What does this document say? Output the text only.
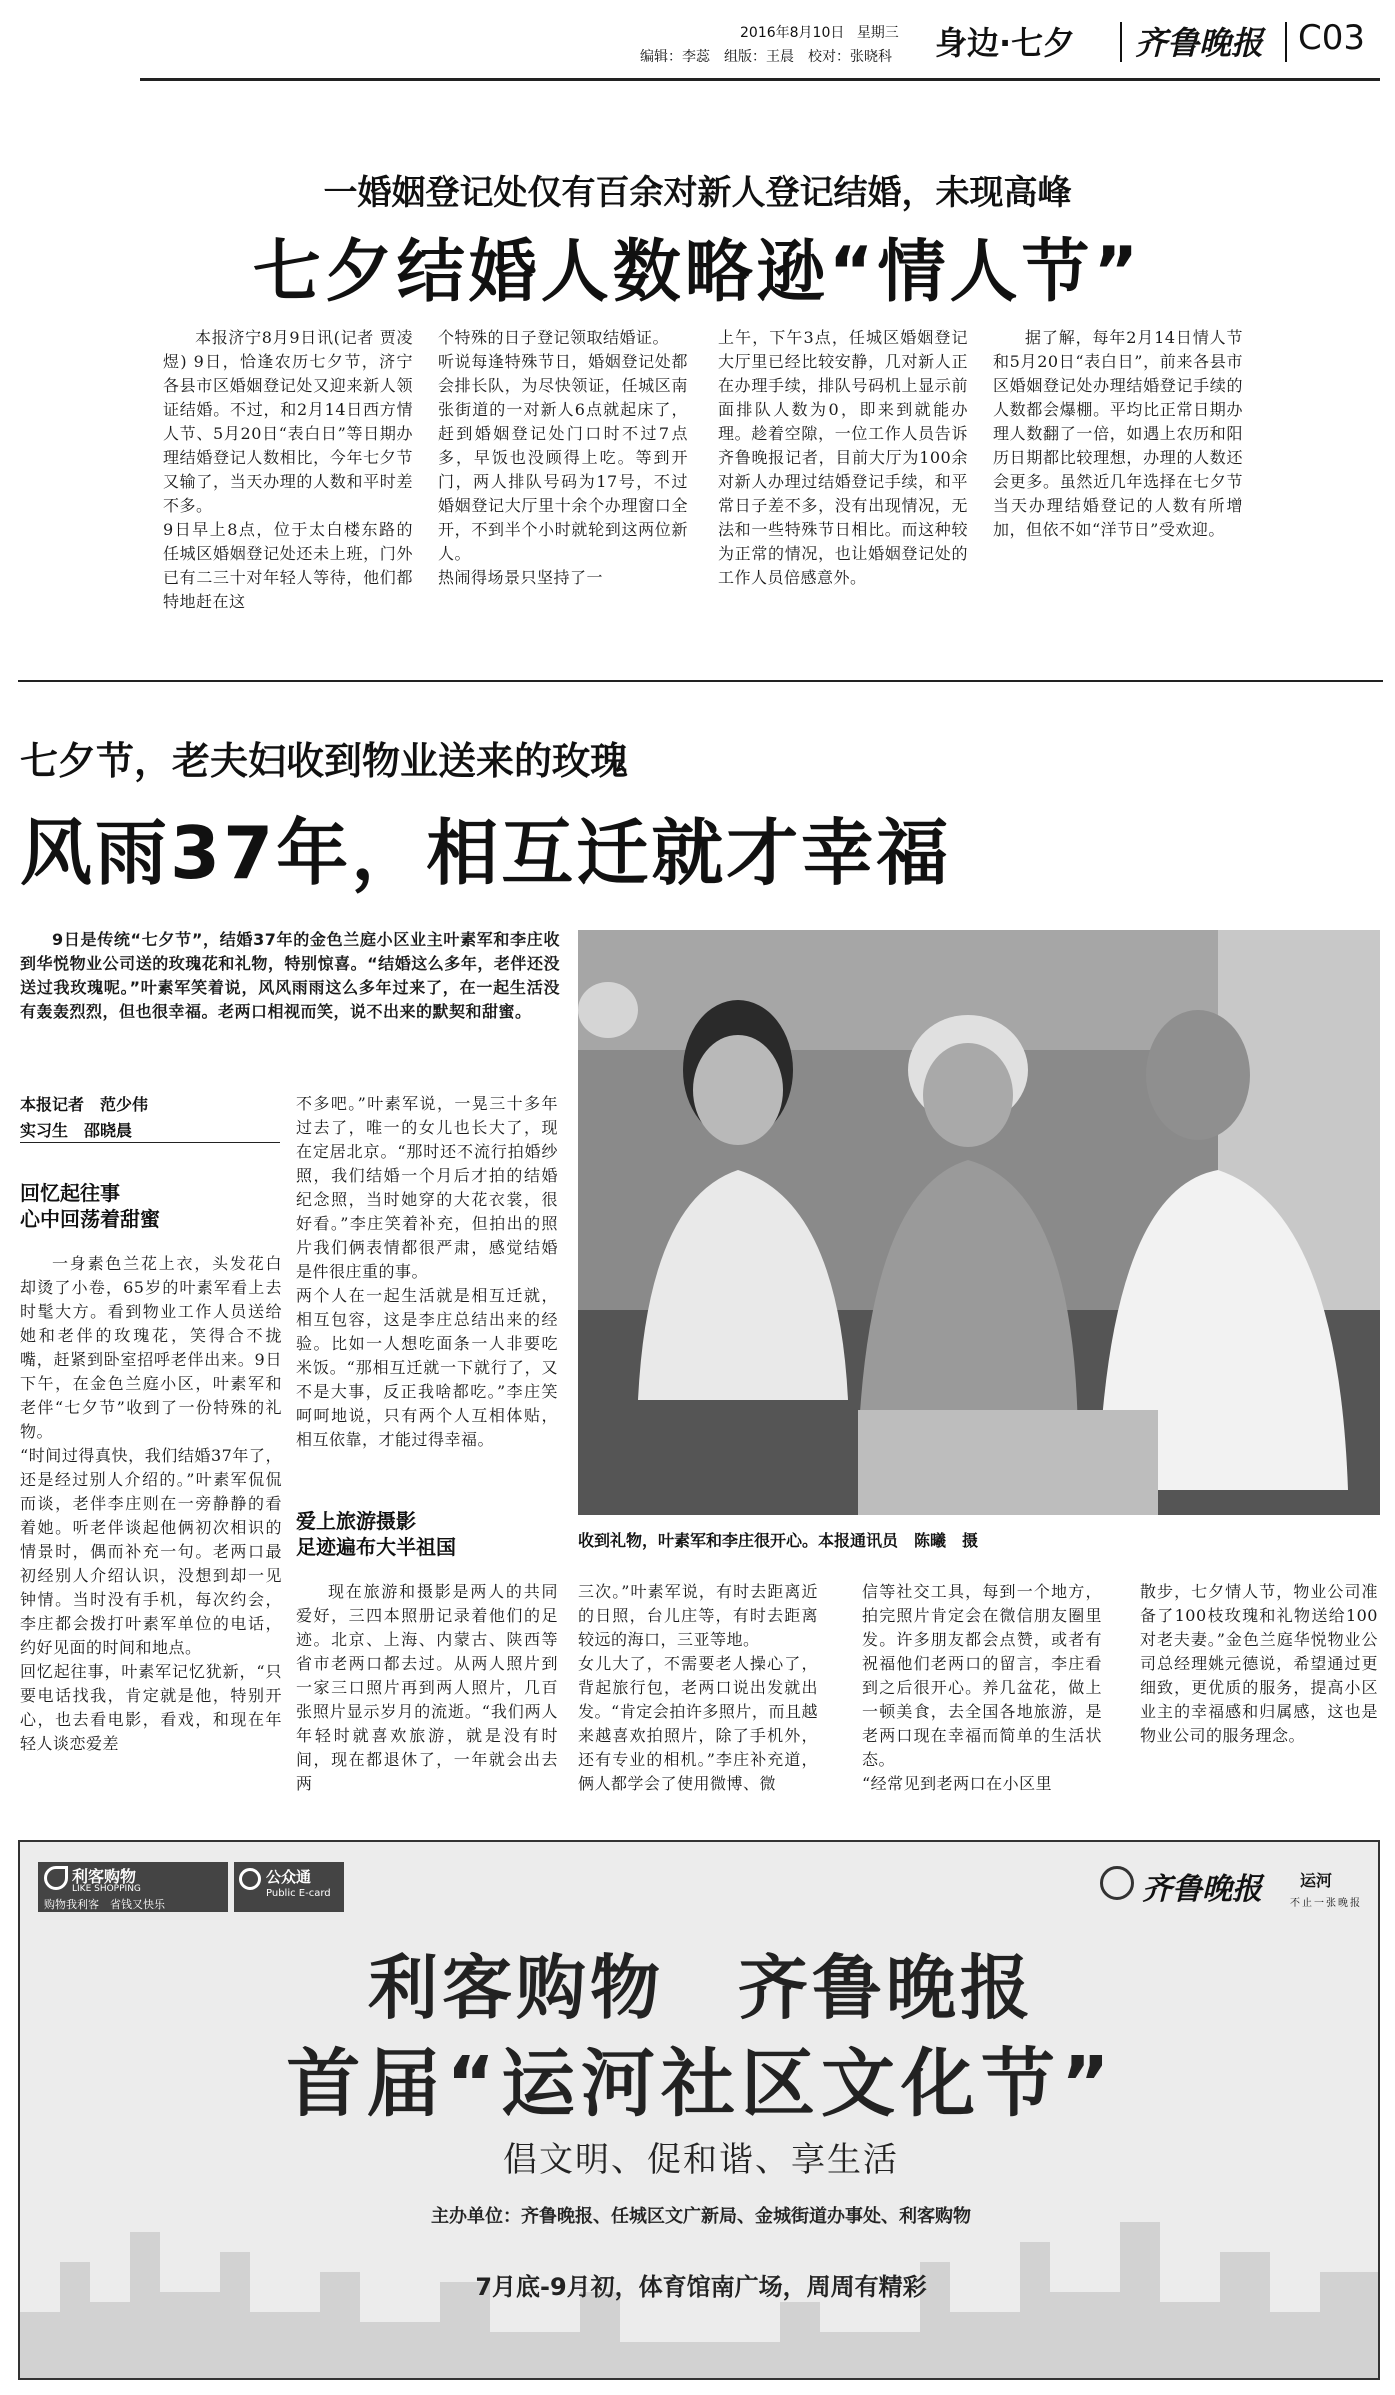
2016年8月10日 星期三
编辑：李蕊　组版：王晨　校对：张晓科 身边·七夕 齐鲁晚报 C03
一婚姻登记处仅有百余对新人登记结婚，未现高峰
七夕结婚人数略逊“情人节”

本报济宁8月9日讯(记者 贾凌煜) 9日，恰逢农历七夕节，济宁各县市区婚姻登记处又迎来新人领证结婚。不过，和2月14日西方情人节、5月20日“表白日”等日期办理结婚登记人数相比，今年七夕节又输了，当天办理的人数和平时差不多。
9日早上8点，位于太白楼东路的任城区婚姻登记处还未上班，门外已有二三十对年轻人等待，他们都特地赶在这

个特殊的日子登记领取结婚证。
听说每逢特殊节日，婚姻登记处都会排长队，为尽快领证，任城区南张街道的一对新人6点就起床了，赶到婚姻登记处门口时不过7点多，早饭也没顾得上吃。等到开门，两人排队号码为17号，不过婚姻登记大厅里十余个办理窗口全开，不到半个小时就轮到这两位新人。
热闹得场景只坚持了一

上午，下午3点，任城区婚姻登记大厅里已经比较安静，几对新人正在办理手续，排队号码机上显示前面排队人数为0，即来到就能办理。趁着空隙，一位工作人员告诉齐鲁晚报记者，目前大厅为100余对新人办理过结婚登记手续，和平常日子差不多，没有出现情况，无法和一些特殊节日相比。而这种较为正常的情况，也让婚姻登记处的工作人员倍感意外。

据了解，每年2月14日情人节和5月20日“表白日”，前来各县市区婚姻登记处办理结婚登记手续的人数都会爆棚。平均比正常日期办理人数翻了一倍，如遇上农历和阳历日期都比较理想，办理的人数还会更多。虽然近几年选择在七夕节当天办理结婚登记的人数有所增加，但依不如“洋节日”受欢迎。

七夕节，老夫妇收到物业送来的玫瑰
风雨37年，相互迁就才幸福

9日是传统“七夕节”，结婚37年的金色兰庭小区业主叶素军和李庄收到华悦物业公司送的玫瑰花和礼物，特别惊喜。“结婚这么多年，老伴还没送过我玫瑰呢。”叶素军笑着说，风风雨雨这么多年过来了，在一起生活没有轰轰烈烈，但也很幸福。老两口相视而笑，说不出来的默契和甜蜜。

本报记者　范少伟
实习生　邵晓晨
回忆起往事
心中回荡着甜蜜

一身素色兰花上衣，头发花白却烫了小卷，65岁的叶素军看上去时髦大方。看到物业工作人员送给她和老伴的玫瑰花，笑得合不拢嘴，赶紧到卧室招呼老伴出来。9日下午，在金色兰庭小区，叶素军和老伴“七夕节”收到了一份特殊的礼物。
“时间过得真快，我们结婚37年了，还是经过别人介绍的。”叶素军侃侃而谈，老伴李庄则在一旁静静的看着她。听老伴谈起他俩初次相识的情景时，偶而补充一句。老两口最初经别人介绍认识，没想到却一见钟情。当时没有手机，每次约会，李庄都会拨打叶素军单位的电话，约好见面的时间和地点。
回忆起往事，叶素军记忆犹新，“只要电话找我，肯定就是他，特别开心，也去看电影，看戏，和现在年轻人谈恋爱差

不多吧。”叶素军说，一晃三十多年过去了，唯一的女儿也长大了，现在定居北京。“那时还不流行拍婚纱照，我们结婚一个月后才拍的结婚纪念照，当时她穿的大花衣裳，很好看。”李庄笑着补充，但拍出的照片我们俩表情都很严肃，感觉结婚是件很庄重的事。
两个人在一起生活就是相互迁就，相互包容，这是李庄总结出来的经验。比如一人想吃面条一人非要吃米饭。“那相互迁就一下就行了，又不是大事，反正我啥都吃。”李庄笑呵呵地说，只有两个人互相体贴，相互依靠，才能过得幸福。

爱上旅游摄影
足迹遍布大半祖国

现在旅游和摄影是两人的共同爱好，三四本照册记录着他们的足迹。北京、上海、内蒙古、陕西等省市老两口都去过。从两人照片到一家三口照片再到两人照片，几百张照片显示岁月的流逝。“我们两人年轻时就喜欢旅游，就是没有时间，现在都退休了，一年就会出去两

收到礼物，叶素军和李庄很开心。本报通讯员　陈曦　摄

三次。”叶素军说，有时去距离近的日照，台儿庄等，有时去距离较远的海口，三亚等地。
女儿大了，不需要老人操心了，背起旅行包，老两口说出发就出发。“肯定会拍许多照片，而且越来越喜欢拍照片，除了手机外，还有专业的相机。”李庄补充道，俩人都学会了使用微博、微

信等社交工具，每到一个地方，拍完照片肯定会在微信朋友圈里发。许多朋友都会点赞，或者有祝福他们老两口的留言，李庄看到之后很开心。养几盆花，做上一顿美食，去全国各地旅游，是老两口现在幸福而简单的生活状态。
“经常见到老两口在小区里

散步，七夕情人节，物业公司准备了100枝玫瑰和礼物送给100对老夫妻。”金色兰庭华悦物业公司总经理姚元德说，希望通过更细致，更优质的服务，提高小区业主的幸福感和归属感，这也是物业公司的服务理念。

利客购物
LIKE SHOPPING
购物我利客　省钱又快乐
公众通
Public E-card	齐鲁晚报 运河
不止一张晚报
利客购物　齐鲁晚报
首届“运河社区文化节”
倡文明、促和谐、享生活
主办单位：齐鲁晚报、任城区文广新局、金城街道办事处、利客购物
7月底-9月初，体育馆南广场，周周有精彩
